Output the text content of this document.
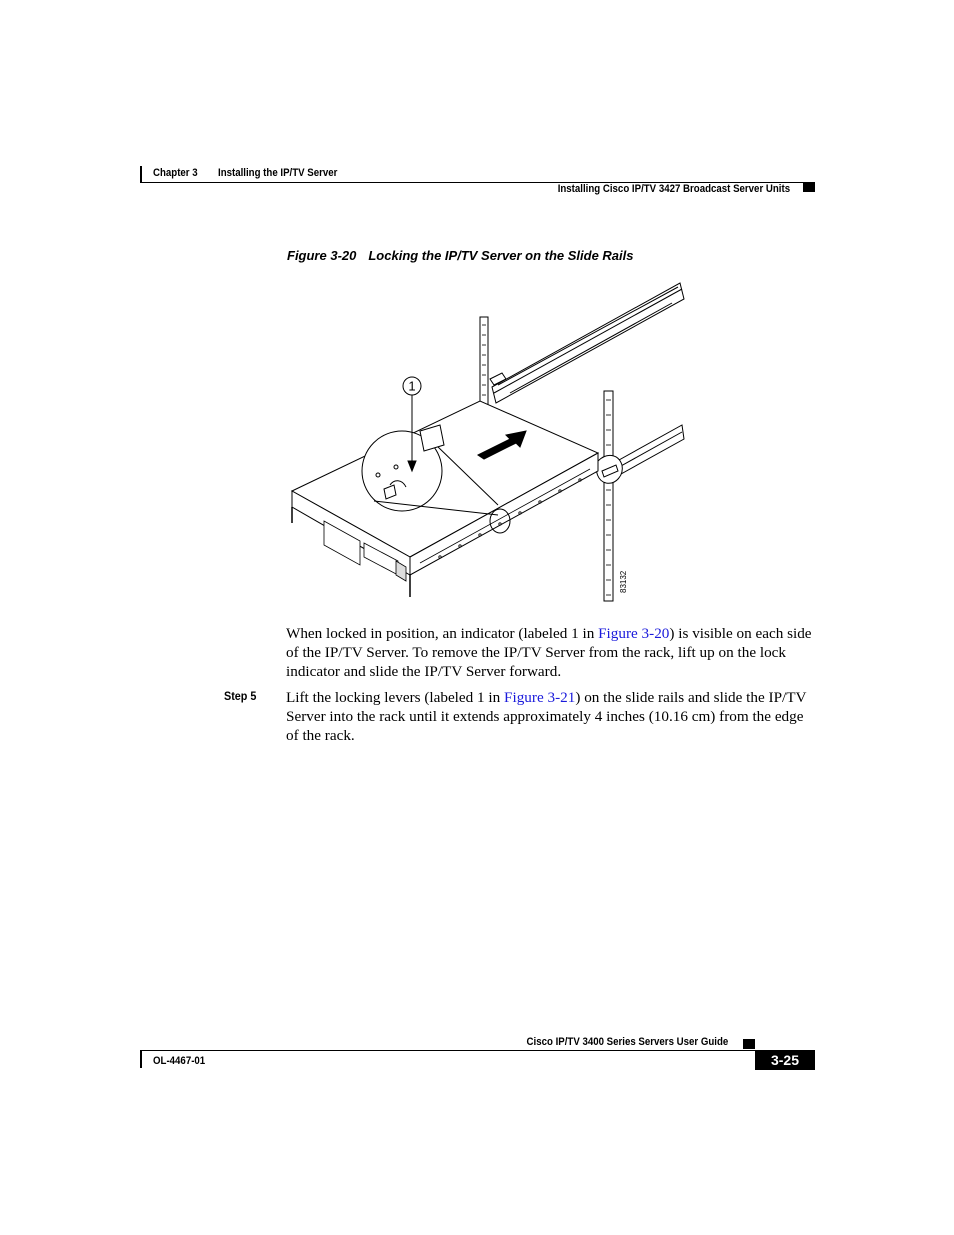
Chapter 3 Installing the IP/TV Server
Installing Cisco IP/TV 3427 Broadcast Server Units
Figure 3-20 Locking the IP/TV Server on the Slide Rails
1
83132
When locked in position, an indicator (labeled 1 in Figure 3-20) is visible on each side of the IP/TV Server. To remove the IP/TV Server from the rack, lift up on the lock indicator and slide the IP/TV Server forward.
Step 5 Lift the locking levers (labeled 1 in Figure 3-21) on the slide rails and slide the IP/TV Server into the rack until it extends approximately 4 inches (10.16 cm) from the edge of the rack.
Cisco IP/TV 3400 Series Servers User Guide
OL-4467-01	3-25
